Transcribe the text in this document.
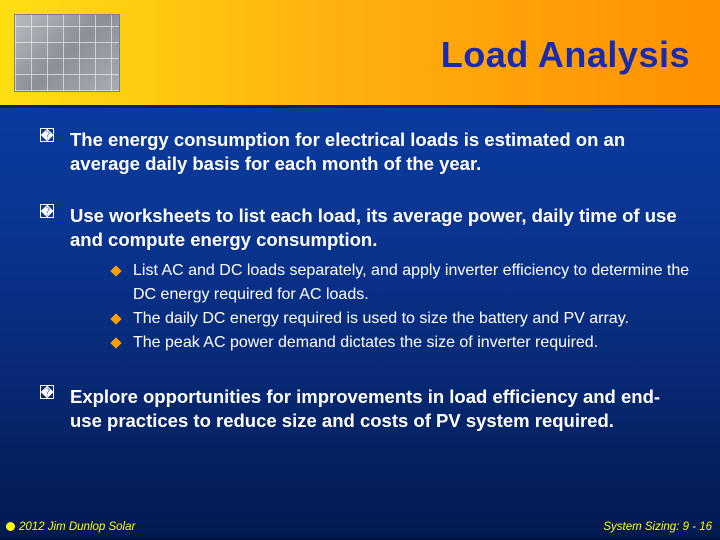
Load Analysis
� The energy consumption for electrical loads is estimated on an average daily basis for each month of the year.
� Use worksheets to list each load, its average power, daily time of use and compute energy consumption.
List AC and DC loads separately, and apply inverter efficiency to determine the DC energy required for AC loads.
The daily DC energy required is used to size the battery and PV array.
The peak AC power demand dictates the size of inverter required.
� Explore opportunities for improvements in load efficiency and end-use practices to reduce size and costs of PV system required.
2012 Jim Dunlop Solar	System Sizing: 9 - 16
